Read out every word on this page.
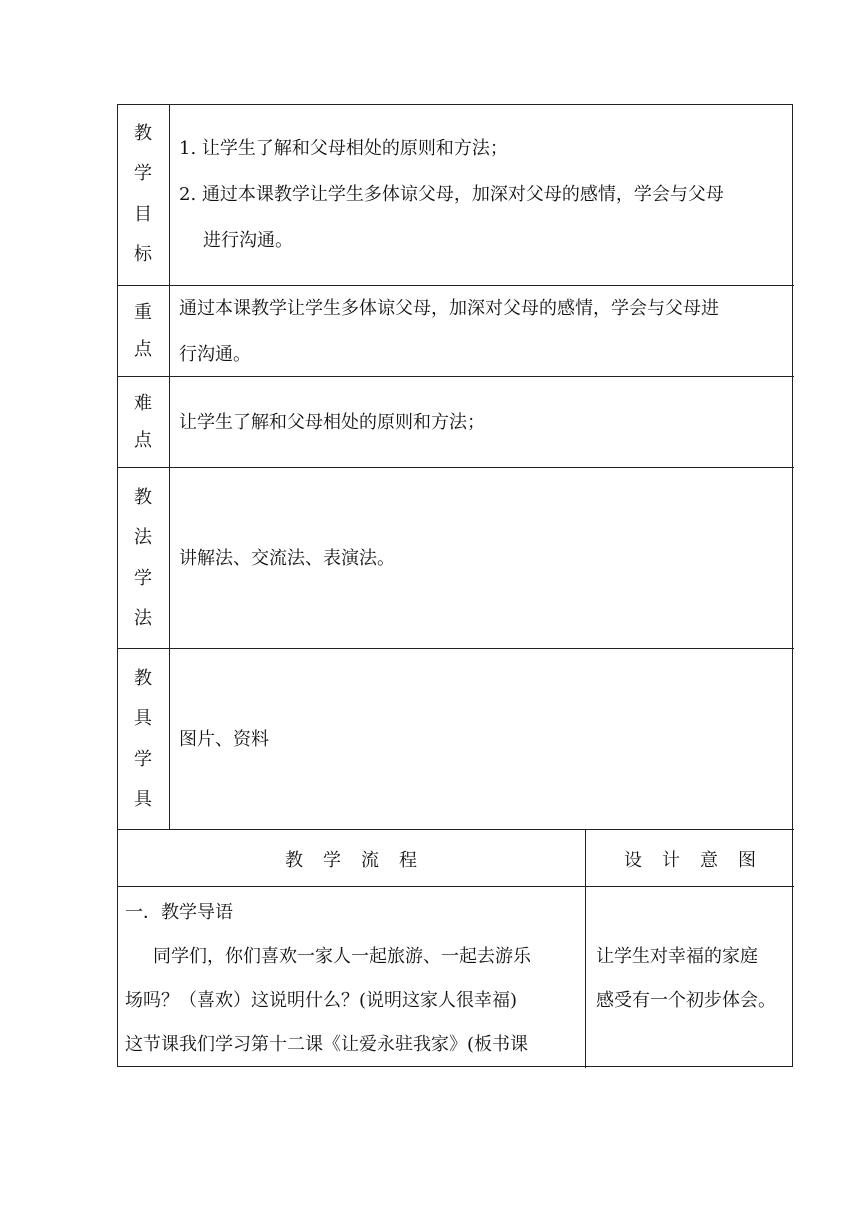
教
学
目
标
1. 让学生了解和父母相处的原则和方法；
2. 通过本课教学让学生多体谅父母，加深对父母的感情，学会与父母
进行沟通。
重
点
通过本课教学让学生多体谅父母，加深对父母的感情，学会与父母进
行沟通。
难
点
让学生了解和父母相处的原则和方法；
教
法
学
法
讲解法、交流法、表演法。
教
具
学
具
图片、资料
教学流程	设计意图
一．教学导语
同学们，你们喜欢一家人一起旅游、一起去游乐
场吗？（喜欢）这说明什么？(说明这家人很幸福)
这节课我们学习第十二课《让爱永驻我家》(板书课
让学生对幸福的家庭
感受有一个初步体会。
